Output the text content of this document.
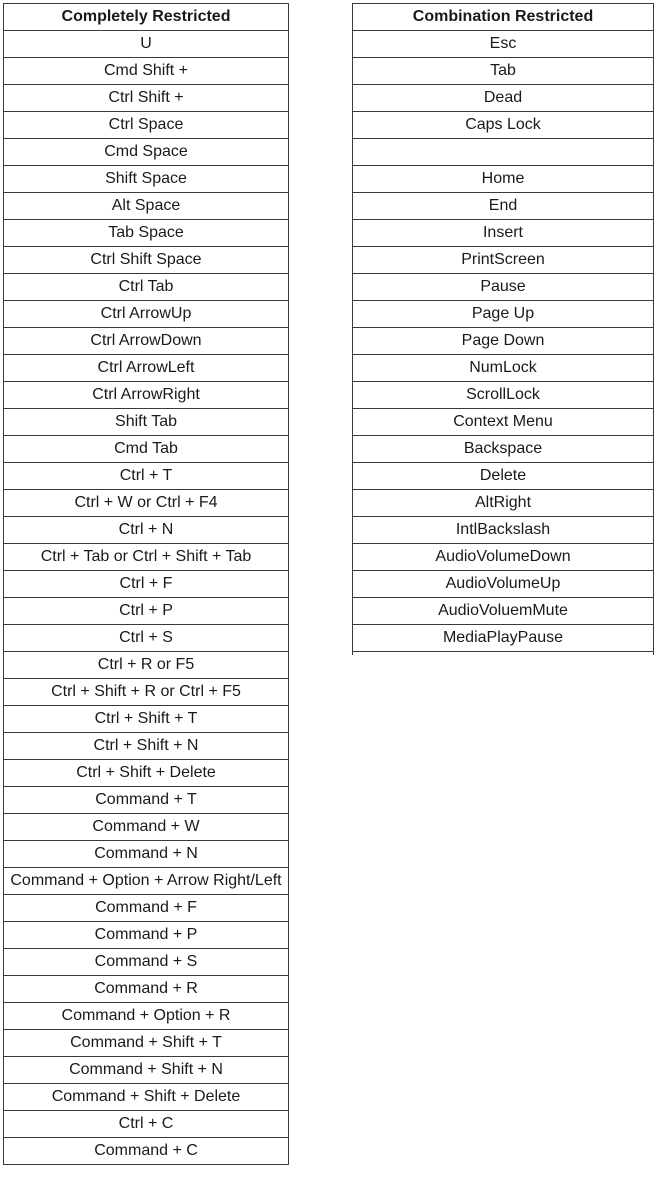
Completely Restricted
U
Cmd Shift +
Ctrl Shift +
Ctrl Space
Cmd Space
Shift Space
Alt Space
Tab Space
Ctrl Shift Space
Ctrl Tab
Ctrl ArrowUp
Ctrl ArrowDown
Ctrl ArrowLeft
Ctrl ArrowRight
Shift Tab
Cmd Tab
Ctrl + T
Ctrl + W or Ctrl + F4
Ctrl + N
Ctrl + Tab or Ctrl + Shift + Tab
Ctrl + F
Ctrl + P
Ctrl + S
Ctrl + R or F5
Ctrl + Shift + R or Ctrl + F5
Ctrl + Shift + T
Ctrl + Shift + N
Ctrl + Shift + Delete
Command + T
Command + W
Command + N
Command + Option + Arrow Right/Left
Command + F
Command + P
Command + S
Command + R
Command + Option + R
Command + Shift + T
Command + Shift + N
Command + Shift + Delete
Ctrl + C
Command + C
Combination Restricted
Esc
Tab
Dead
Caps Lock

Home
End
Insert
PrintScreen
Pause
Page Up
Page Down
NumLock
ScrollLock
Context Menu
Backspace
Delete
AltRight
IntlBackslash
AudioVolumeDown
AudioVolumeUp
AudioVoluemMute
MediaPlayPause
